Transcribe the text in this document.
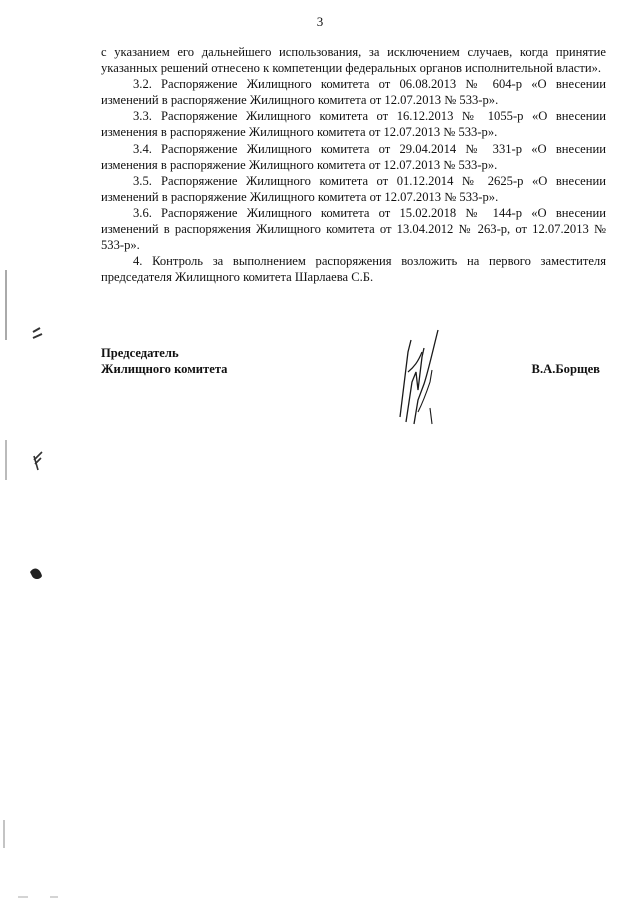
3

с указанием его дальнейшего использования, за исключением случаев, когда принятие указанных решений отнесено к компетенции федеральных органов исполнительной власти».

3.2. Распоряжение Жилищного комитета от 06.08.2013 № 604-р «О внесении изменений в распоряжение Жилищного комитета от 12.07.2013 № 533-р».

3.3. Распоряжение Жилищного комитета от 16.12.2013 № 1055-р «О внесении изменения в распоряжение Жилищного комитета от 12.07.2013 № 533-р».

3.4. Распоряжение Жилищного комитета от 29.04.2014 № 331-р «О внесении изменения в распоряжение Жилищного комитета от 12.07.2013 № 533-р».

3.5. Распоряжение Жилищного комитета от 01.12.2014 № 2625-р «О внесении изменений в распоряжение Жилищного комитета от 12.07.2013 № 533-р».

3.6. Распоряжение Жилищного комитета от 15.02.2018 № 144-р «О внесении изменений в распоряжения Жилищного комитета от 13.04.2012 № 263-р, от 12.07.2013 № 533-р».

4. Контроль за выполнением распоряжения возложить на первого заместителя председателя Жилищного комитета Шарлаева С.Б.

Председатель
Жилищного комитета	В.А.Борщев
